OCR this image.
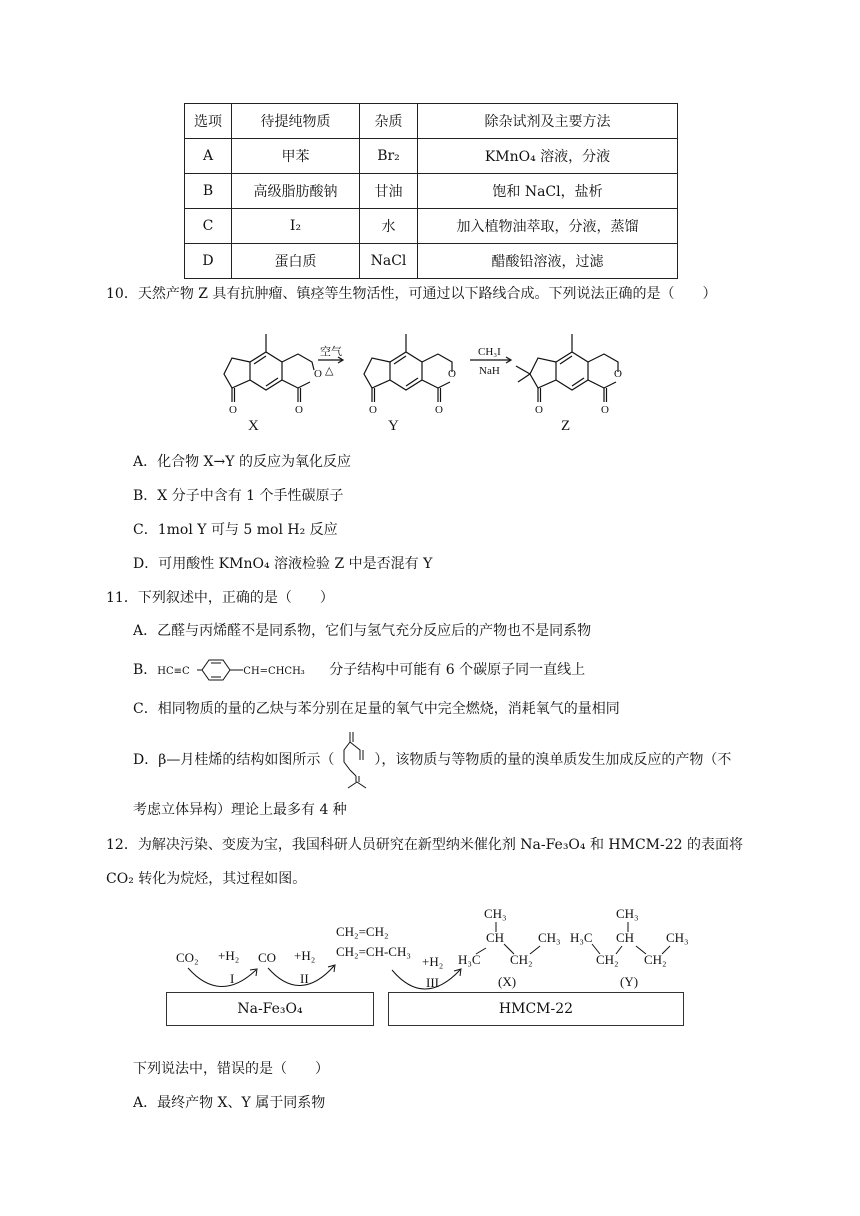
选项	待提纯物质	杂质	除杂试剂及主要方法
A	甲苯	Br₂	KMnO₄ 溶液，分液
B	高级脂肪酸钠	甘油	饱和 NaCl，盐析
C	I₂	水	加入植物油萃取，分液，蒸馏
D	蛋白质	NaCl	醋酸铅溶液，过滤
10．天然产物 Z 具有抗肿瘤、镇痉等生物活性，可通过以下路线合成。下列说法正确的是（　　）
O	O
O
O	O
O
O	O
O
空气
△
CH₃I
NaH
X	Y	Z
A．化合物 X→Y 的反应为氧化反应
B．X 分子中含有 1 个手性碳原子
C．1mol Y 可与 5 mol H₂ 反应
D．可用酸性 KMnO₄ 溶液检验 Z 中是否混有 Y
11．下列叙述中，正确的是（　　）
A．乙醛与丙烯醛不是同系物，它们与氢气充分反应后的产物也不是同系物
B． HC≡C	CH=CHCH₃ 分子结构中可能有 6 个碳原子同一直线上
C．相同物质的量的乙炔与苯分别在足量的氧气中完全燃烧，消耗氧气的量相同
D．β—月桂烯的结构如图所示（	），该物质与等物质的量的溴单质发生加成反应的产物（不
考虑立体异构）理论上最多有 4 种
12．为解决污染、变废为宝，我国科研人员研究在新型纳米催化剂 Na-Fe₃O₄ 和 HMCM-22 的表面将
CO₂ 转化为烷烃，其过程如图。
CO₂ +H₂ CO +H₂
CH₂=CH₂
CH₂=CH-CH₃
+H₂
I	II	III
CH₃
CH	CH₃
H₃C CH₂
(X)
CH₃
H₃C CH CH₃
CH₂ CH₂
(Y)
Na-Fe₃O₄	HMCM-22
下列说法中，错误的是（　　）
A．最终产物 X、Y 属于同系物
